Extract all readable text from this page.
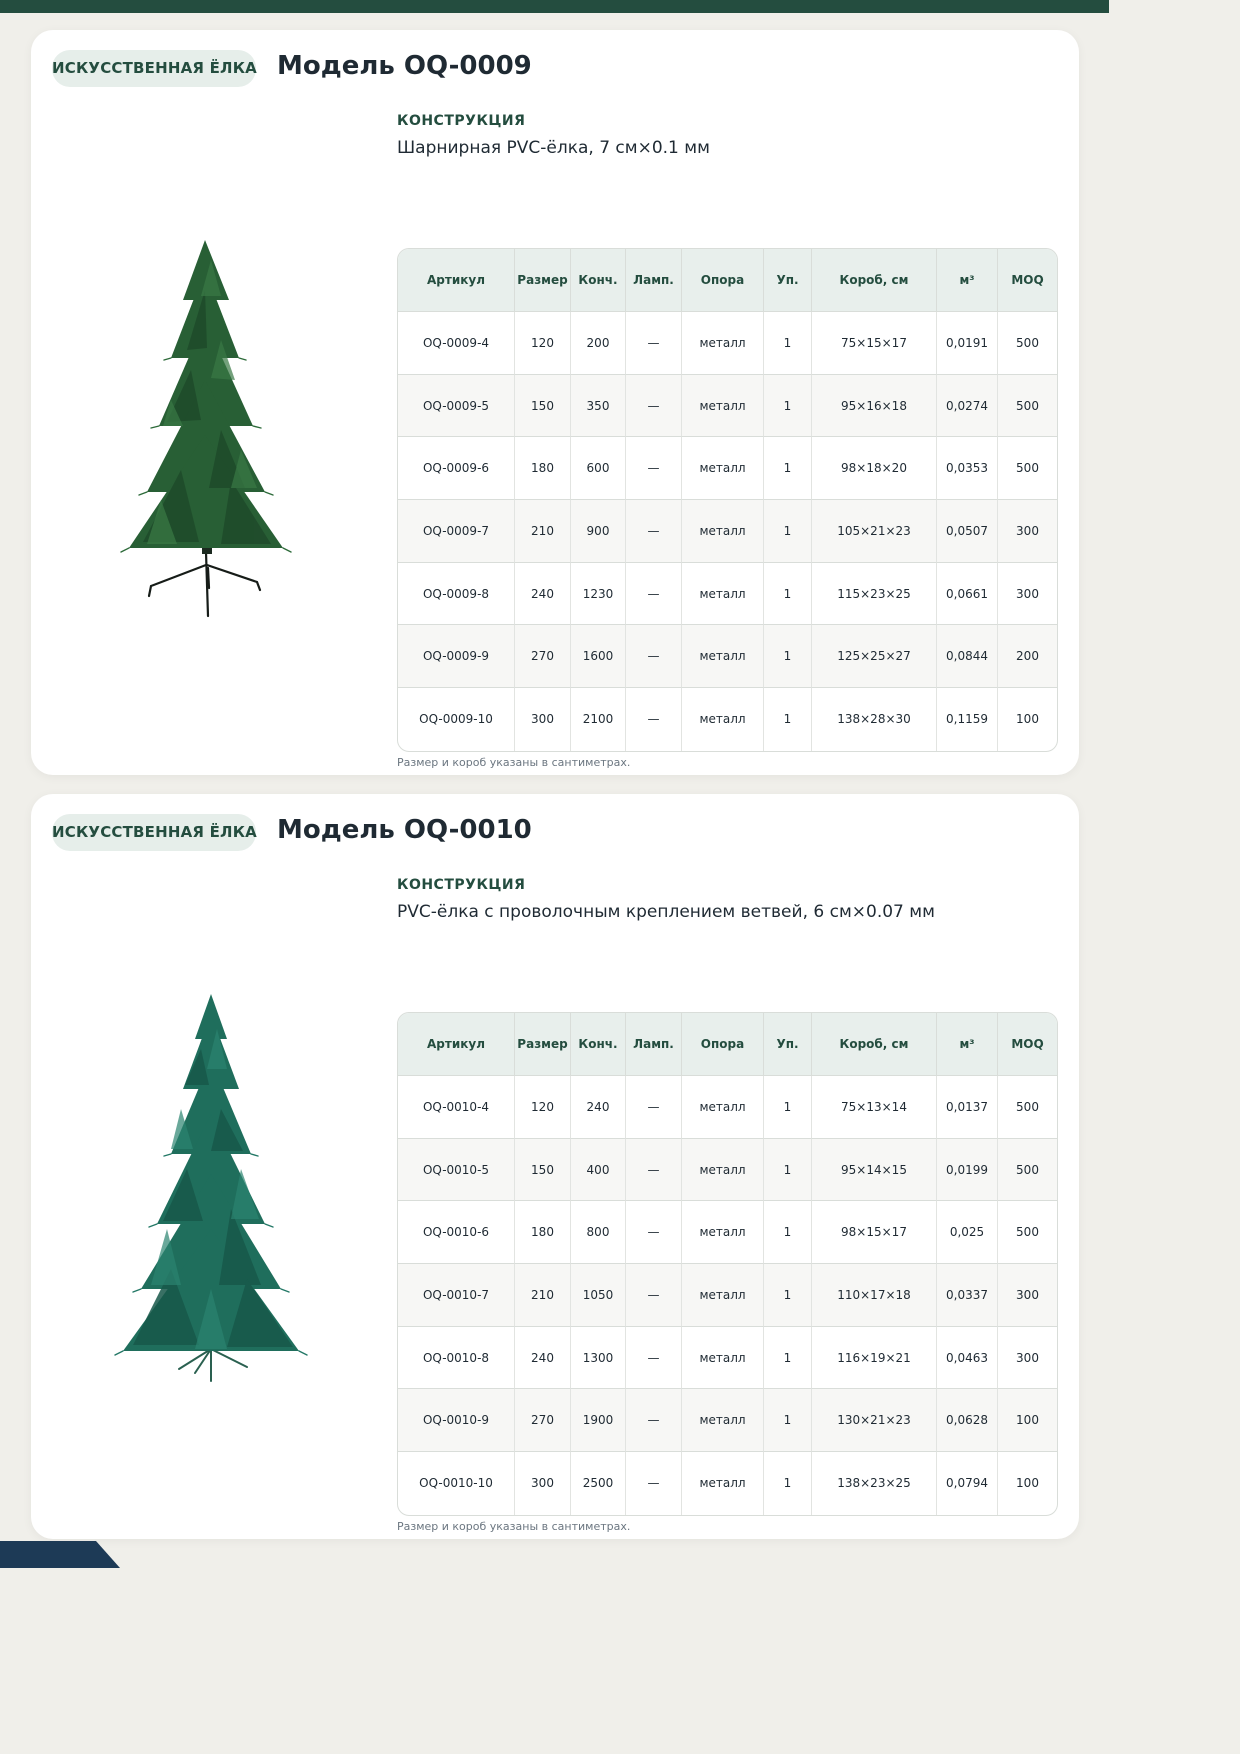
ИСКУССТВЕННАЯ ЁЛКА Модель OQ-0009
КОНСТРУКЦИЯ
Шарнирная PVC-ёлка, 7 см×0.1 мм
Артикул	Размер	Конч.	Ламп.	Опора	Уп.	Короб, см	м³	MOQ
OQ-0009-4	120	200	—	металл	1	75×15×17	0,0191	500
OQ-0009-5	150	350	—	металл	1	95×16×18	0,0274	500
OQ-0009-6	180	600	—	металл	1	98×18×20	0,0353	500
OQ-0009-7	210	900	—	металл	1	105×21×23	0,0507	300
OQ-0009-8	240	1230	—	металл	1	115×23×25	0,0661	300
OQ-0009-9	270	1600	—	металл	1	125×25×27	0,0844	200
OQ-0009-10	300	2100	—	металл	1	138×28×30	0,1159	100
Размер и короб указаны в сантиметрах.
ИСКУССТВЕННАЯ ЁЛКА Модель OQ-0010
КОНСТРУКЦИЯ
PVC-ёлка с проволочным креплением ветвей, 6 см×0.07 мм
Артикул	Размер	Конч.	Ламп.	Опора	Уп.	Короб, см	м³	MOQ
OQ-0010-4	120	240	—	металл	1	75×13×14	0,0137	500
OQ-0010-5	150	400	—	металл	1	95×14×15	0,0199	500
OQ-0010-6	180	800	—	металл	1	98×15×17	0,025	500
OQ-0010-7	210	1050	—	металл	1	110×17×18	0,0337	300
OQ-0010-8	240	1300	—	металл	1	116×19×21	0,0463	300
OQ-0010-9	270	1900	—	металл	1	130×21×23	0,0628	100
OQ-0010-10	300	2500	—	металл	1	138×23×25	0,0794	100
Размер и короб указаны в сантиметрах.
